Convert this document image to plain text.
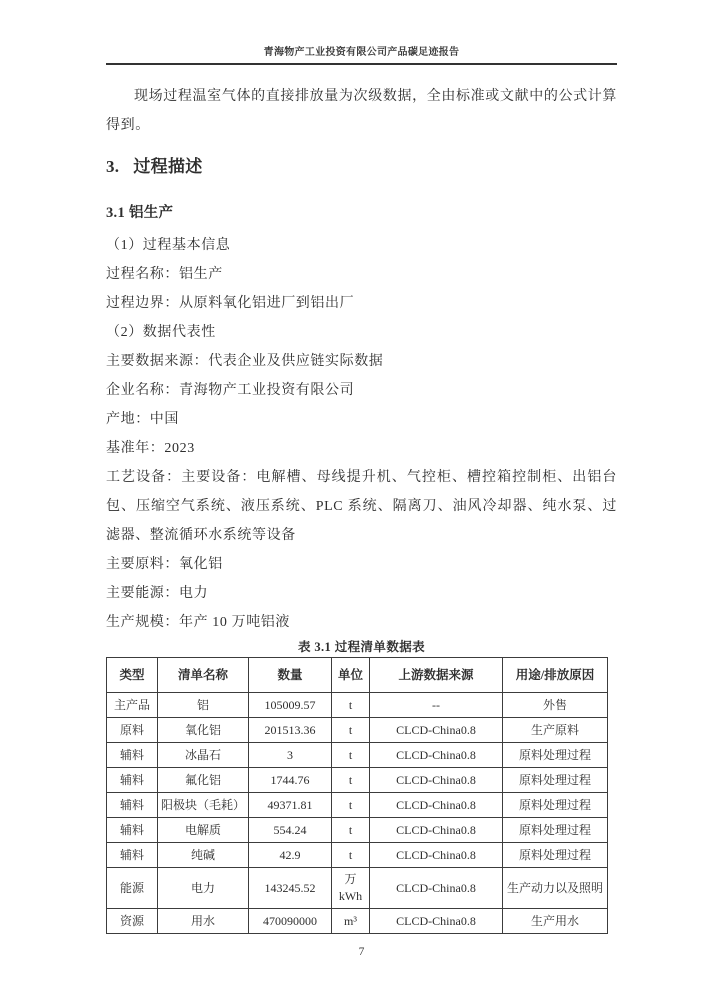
青海物产工业投资有限公司产品碳足迹报告

现场过程温室气体的直接排放量为次级数据，全由标准或文献中的公式计算得到。

3. 过程描述
3.1 铝生产
（1）过程基本信息
过程名称：铝生产
过程边界：从原料氧化铝进厂到铝出厂
（2）数据代表性
主要数据来源：代表企业及供应链实际数据
企业名称：青海物产工业投资有限公司
产地：中国
基准年：2023
工艺设备：主要设备：电解槽、母线提升机、气控柜、槽控箱控制柜、出铝台包、压缩空气系统、液压系统、PLC 系统、隔离刀、油风冷却器、纯水泵、过滤器、整流循环水系统等设备
主要原料：氧化铝
主要能源：电力
生产规模：年产 10 万吨铝液
表 3.1 过程清单数据表
类型	清单名称	数量	单位	上游数据来源	用途/排放原因
主产品	铝	105009.57	t	--	外售
原料	氧化铝	201513.36	t	CLCD-China0.8	生产原料
辅料	冰晶石	3	t	CLCD-China0.8	原料处理过程
辅料	氟化铝	1744.76	t	CLCD-China0.8	原料处理过程
辅料	阳极块（毛耗）	49371.81	t	CLCD-China0.8	原料处理过程
辅料	电解质	554.24	t	CLCD-China0.8	原料处理过程
辅料	纯碱	42.9	t	CLCD-China0.8	原料处理过程
能源	电力	143245.52	万 kWh	CLCD-China0.8	生产动力以及照明
资源	用水	470090000	m³	CLCD-China0.8	生产用水
7
